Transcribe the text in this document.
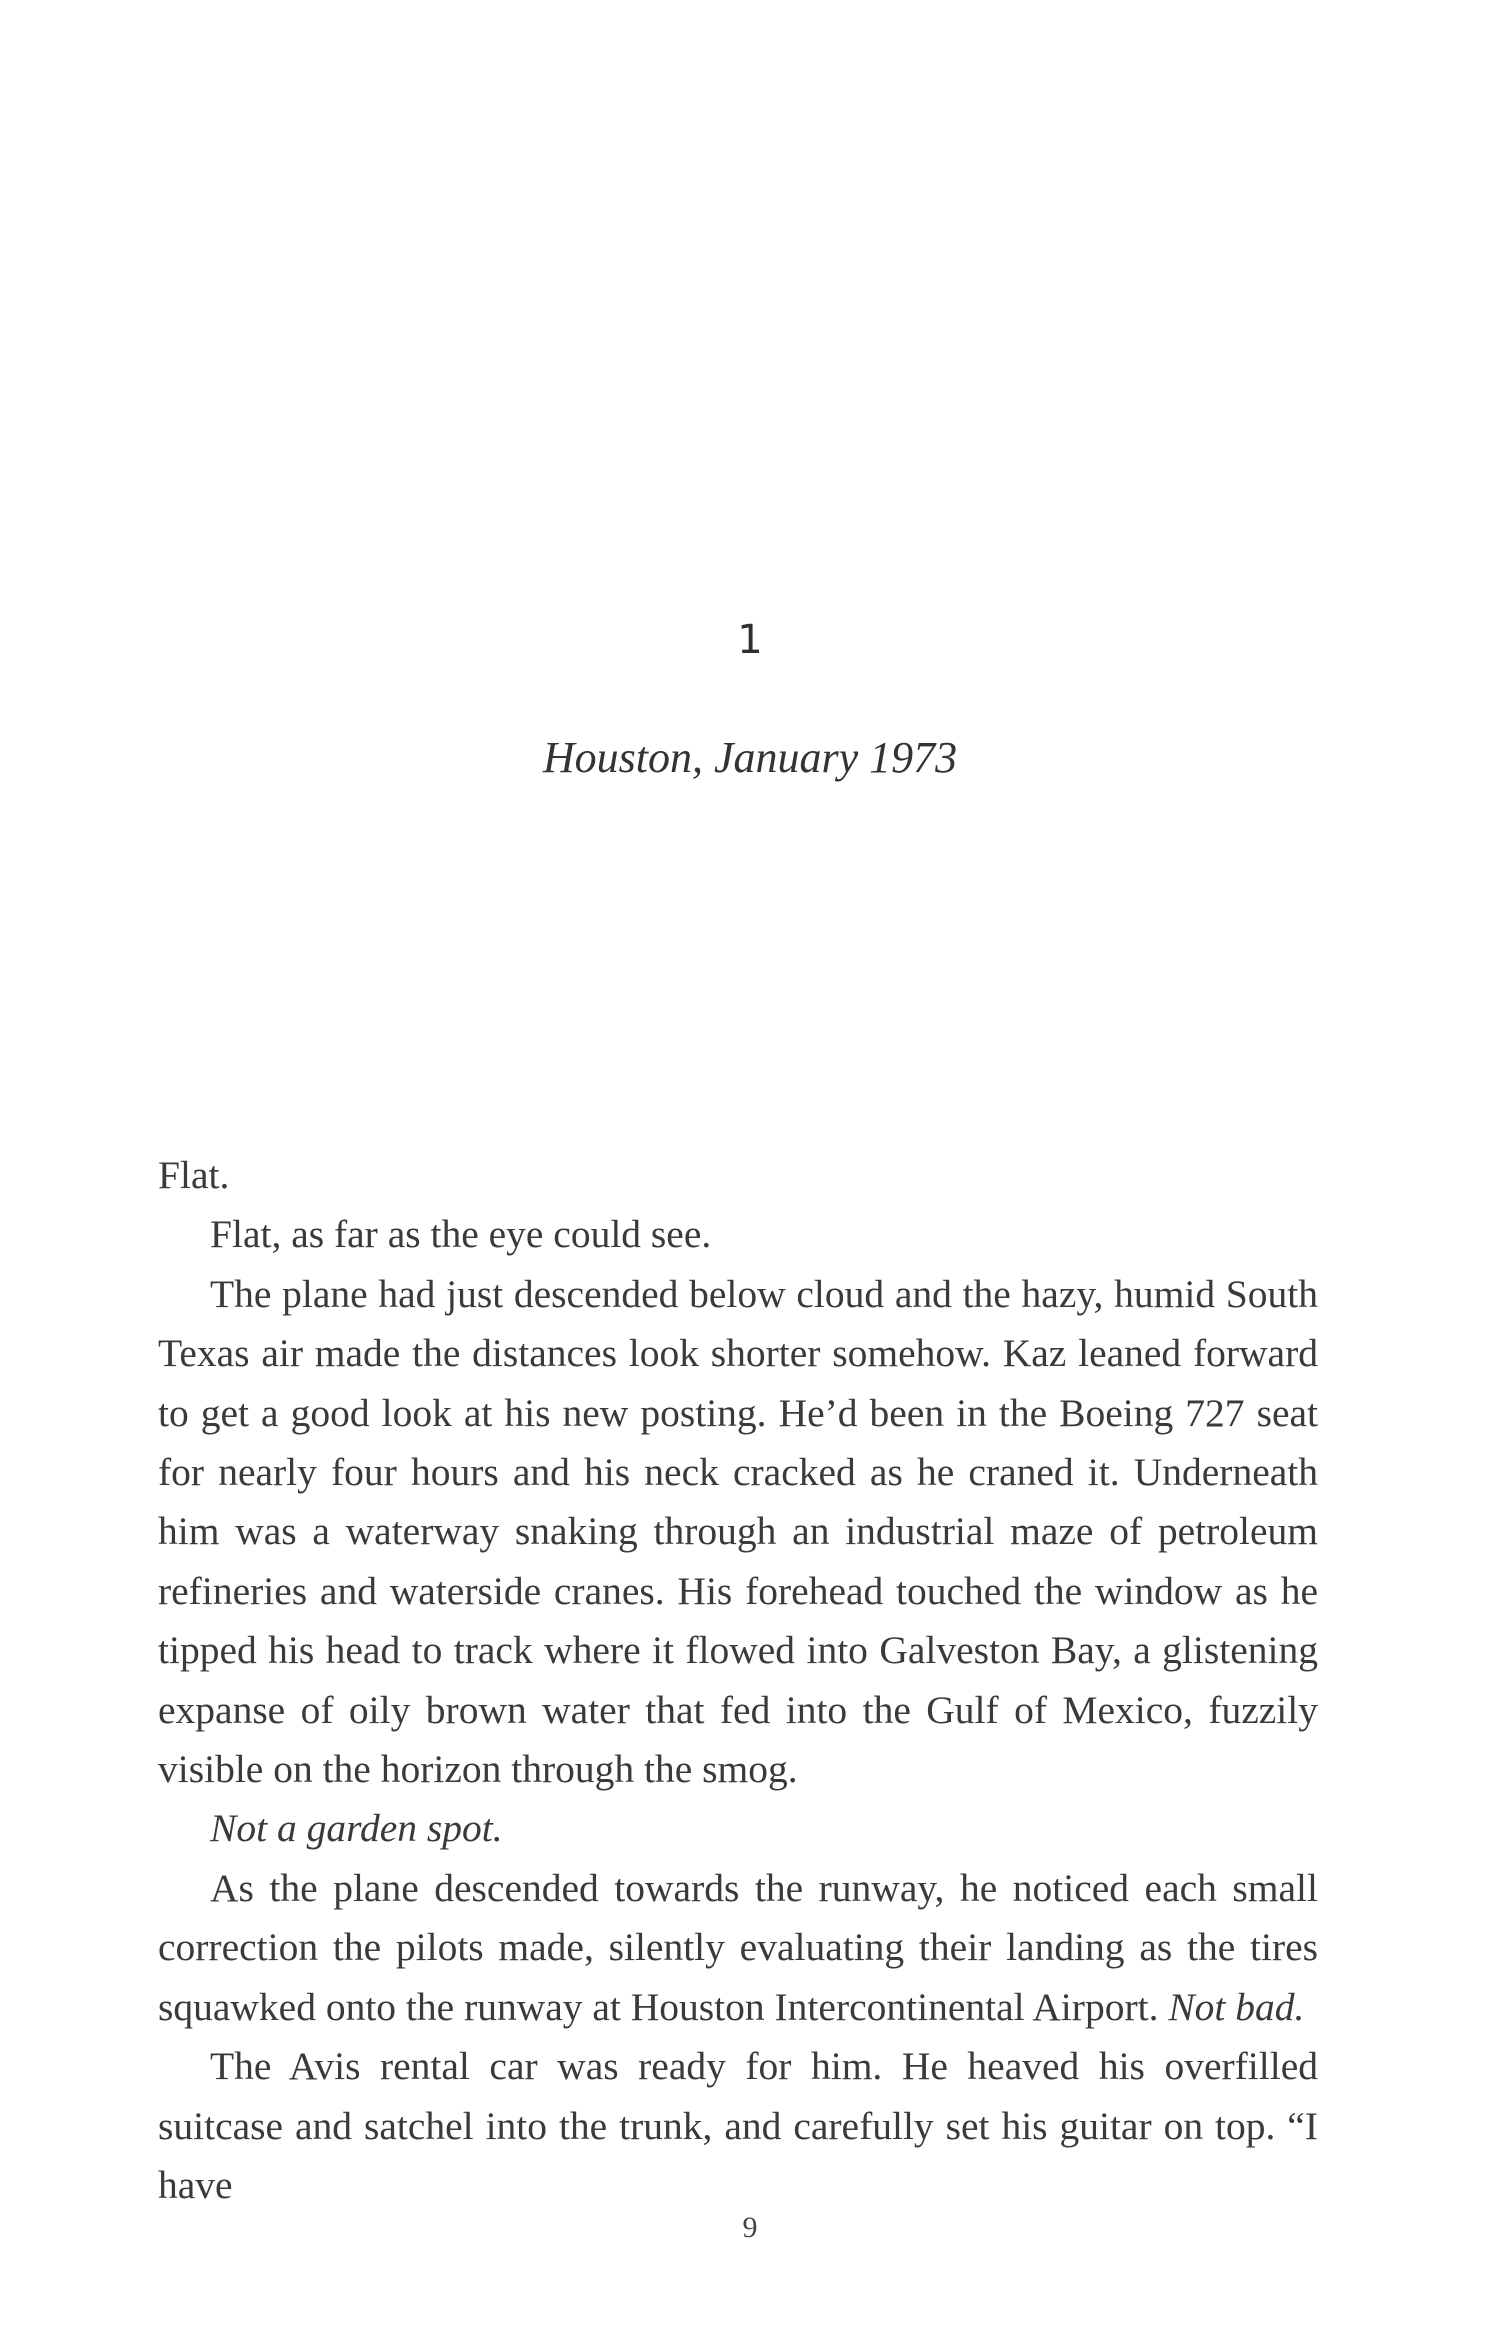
1
Houston, January 1973

Flat.

Flat, as far as the eye could see.

The plane had just descended below cloud and the hazy, humid South Texas air made the distances look shorter somehow. Kaz leaned forward to get a good look at his new posting. He’d been in the Boeing 727 seat for nearly four hours and his neck cracked as he craned it. Underneath him was a waterway snaking through an industrial maze of petroleum refineries and waterside cranes. His forehead touched the window as he tipped his head to track where it flowed into Galveston Bay, a glistening expanse of oily brown water that fed into the Gulf of Mexico, fuzzily visible on the horizon through the smog.

Not a garden spot.

As the plane descended towards the runway, he noticed each small correction the pilots made, silently evaluating their landing as the tires squawked onto the runway at Houston Intercontinental Airport. Not bad.

The Avis rental car was ready for him. He heaved his overfilled suitcase and satchel into the trunk, and carefully set his guitar on top. “I have

9
